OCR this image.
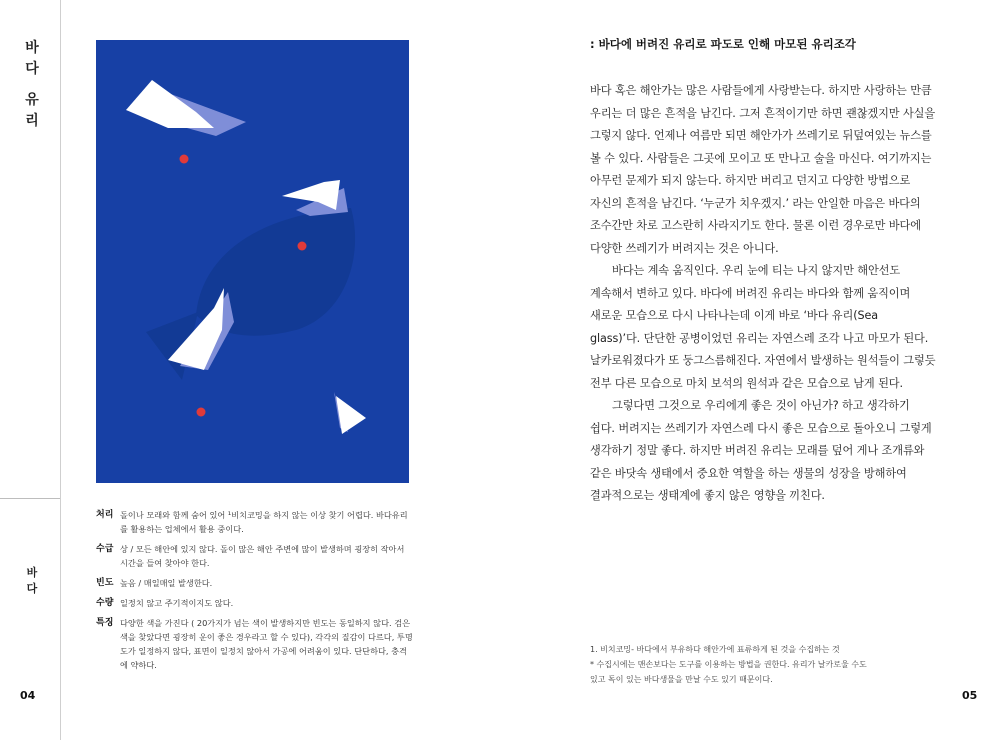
바
다
유
리
바
다
04	05
처리 돌이나 모래와 함께 숨어 있어 ¹비치코밍을 하지 않는 이상 찾기 어렵다. 바다유리를 활용하는 업체에서 활용 중이다.
수급 상 / 모든 해안에 있지 않다. 돌이 많은 해안 주변에 많이 발생하며 굉장히 작아서 시간을 들여 찾아야 한다.
빈도 높음 / 매일매일 발생한다.
수량 일정치 않고 주기적이지도 않다.
특징 다양한 색을 가진다 ( 20가지가 넘는 색이 발생하지만 빈도는 동일하지 않다. 검은색을 찾았다면 굉장히 운이 좋은 경우라고 할 수 있다), 각각의 질감이 다르다, 투명도가 일정하지 않다, 표면이 일정치 않아서 가공에 어려움이 있다. 단단하다, 충격에 약하다.
: 바다에 버려진 유리로 파도로 인해 마모된 유리조각
바다 혹은 해안가는 많은 사람들에게 사랑받는다. 하지만 사랑하는 만큼
우리는 더 많은 흔적을 남긴다. 그저 흔적이기만 하면 괜찮겠지만 사실을
그렇지 않다. 언제나 여름만 되면 해안가가 쓰레기로 뒤덮여있는 뉴스를
볼 수 있다. 사람들은 그곳에 모이고 또 만나고 술을 마신다. 여기까지는
아무런 문제가 되지 않는다. 하지만 버리고 던지고 다양한 방법으로
자신의 흔적을 남긴다. ‘누군가 치우겠지.’ 라는 안일한 마음은 바다의
조수간만 차로 고스란히 사라지기도 한다. 물론 이런 경우로만 바다에
다양한 쓰레기가 버려지는 것은 아니다.
바다는 계속 움직인다. 우리 눈에 티는 나지 않지만 해안선도
계속해서 변하고 있다. 바다에 버려진 유리는 바다와 함께 움직이며
새로운 모습으로 다시 나타나는데 이게 바로 ‘바다 유리(Sea
glass)’다. 단단한 공병이었던 유리는 자연스레 조각 나고 마모가 된다.
날카로워졌다가 또 둥그스름해진다. 자연에서 발생하는 원석들이 그렇듯
전부 다른 모습으로 마치 보석의 원석과 같은 모습으로 남게 된다.
그렇다면 그것으로 우리에게 좋은 것이 아닌가? 하고 생각하기
쉽다. 버려지는 쓰레기가 자연스레 다시 좋은 모습으로 돌아오니 그렇게
생각하기 정말 좋다. 하지만 버려진 유리는 모래를 덮어 게나 조개류와
같은 바닷속 생태에서 중요한 역할을 하는 생물의 성장을 방해하여
결과적으로는 생태계에 좋지 않은 영향을 끼친다.
1. 비치코밍- 바다에서 부유하다 해안가에 표류하게 된 것을 수집하는 것
* 수집시에는 맨손보다는 도구를 이용하는 방법을 권한다. 유리가 날카로울 수도
있고 독이 있는 바다생물을 만날 수도 있기 때문이다.
